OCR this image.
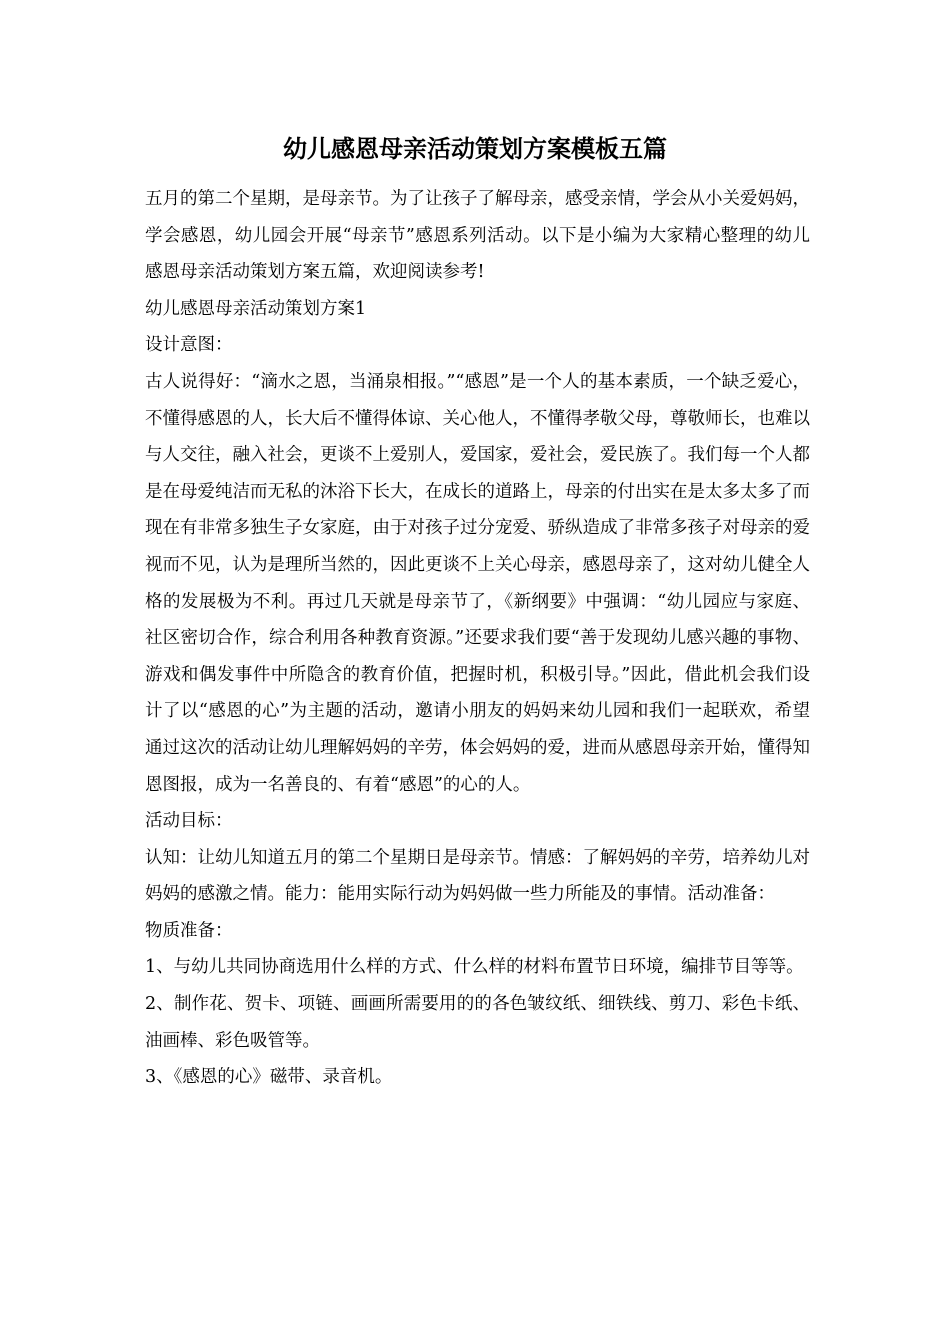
幼儿感恩母亲活动策划方案模板五篇

五月的第二个星期，是母亲节。为了让孩子了解母亲，感受亲情，学会从小关爱妈妈，学会感恩，幼儿园会开展“母亲节”感恩系列活动。以下是小编为大家精心整理的幼儿感恩母亲活动策划方案五篇，欢迎阅读参考!

幼儿感恩母亲活动策划方案1

设计意图：

古人说得好：“滴水之恩，当涌泉相报。”“感恩”是一个人的基本素质，一个缺乏爱心，不懂得感恩的人，长大后不懂得体谅、关心他人，不懂得孝敬父母，尊敬师长，也难以与人交往，融入社会，更谈不上爱别人，爱国家，爱社会，爱民族了。我们每一个人都是在母爱纯洁而无私的沐浴下长大，在成长的道路上，母亲的付出实在是太多太多了而现在有非常多独生子女家庭，由于对孩子过分宠爱、骄纵造成了非常多孩子对母亲的爱视而不见，认为是理所当然的，因此更谈不上关心母亲，感恩母亲了，这对幼儿健全人格的发展极为不利。再过几天就是母亲节了，《新纲要》中强调：“幼儿园应与家庭、社区密切合作，综合利用各种教育资源。”还要求我们要“善于发现幼儿感兴趣的事物、游戏和偶发事件中所隐含的教育价值，把握时机，积极引导。”因此，借此机会我们设计了以“感恩的心”为主题的活动，邀请小朋友的妈妈来幼儿园和我们一起联欢，希望通过这次的活动让幼儿理解妈妈的辛劳，体会妈妈的爱，进而从感恩母亲开始，懂得知恩图报，成为一名善良的、有着“感恩”的心的人。

活动目标：

认知：让幼儿知道五月的第二个星期日是母亲节。情感：了解妈妈的辛劳，培养幼儿对妈妈的感激之情。能力：能用实际行动为妈妈做一些力所能及的事情。活动准备：

物质准备：

1、与幼儿共同协商选用什么样的方式、什么样的材料布置节日环境，编排节目等等。

2、制作花、贺卡、项链、画画所需要用的的各色皱纹纸、细铁线、剪刀、彩色卡纸、油画棒、彩色吸管等。

3、《感恩的心》磁带、录音机。
